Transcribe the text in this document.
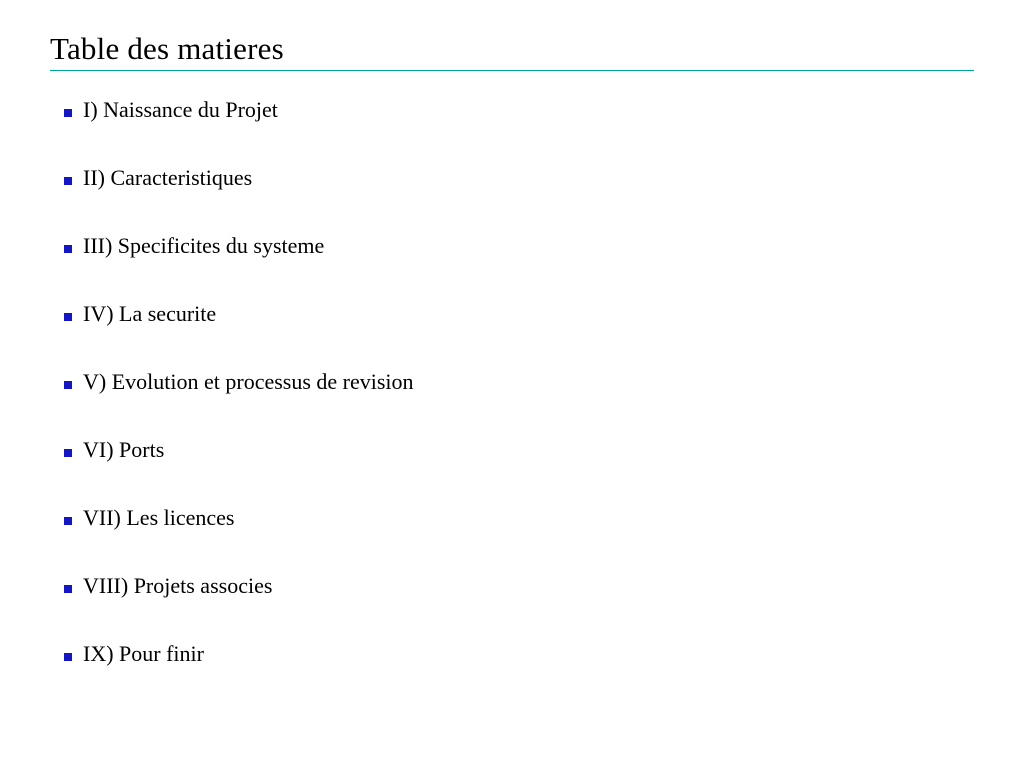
Table des matieres
I) Naissance du Projet
II) Caracteristiques
III) Specificites du systeme
IV) La securite
V) Evolution et processus de revision
VI) Ports
VII) Les licences
VIII) Projets associes
IX) Pour finir
